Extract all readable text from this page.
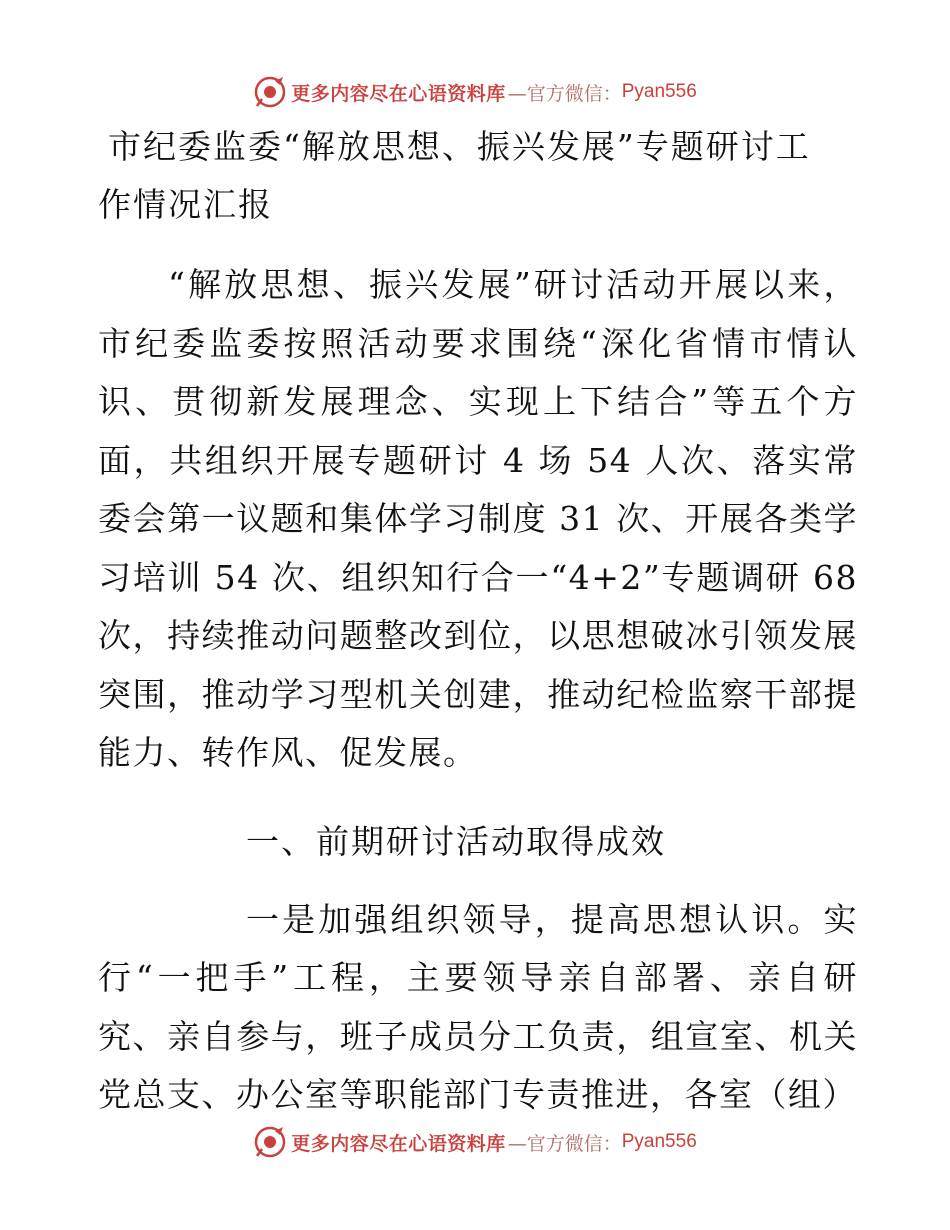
更多内容尽在心语资料库 —官方微信： Pyan556

市纪委监委“解放思想、振兴发展”专题研讨工
作情况汇报

“解放思想、振兴发展”研讨活动开展以来，市纪委监委按照活动要求围绕“深化省情市情认识、贯彻新发展理念、实现上下结合”等五个方面，共组织开展专题研讨 4 场 54 人次、落实常委会第一议题和集体学习制度 31 次、开展各类学习培训 54 次、组织知行合一“4+2”专题调研 68 次，持续推动问题整改到位，以思想破冰引领发展突围，推动学习型机关创建，推动纪检监察干部提能力、转作风、促发展。

一、前期研讨活动取得成效

一是加强组织领导，提高思想认识。实行“一把手”工程，主要领导亲自部署、亲自研究、亲自参与，班子成员分工负责，组宣室、机关党总支、办公室等职能部门专责推进，各室（组）

更多内容尽在心语资料库 —官方微信： Pyan556
